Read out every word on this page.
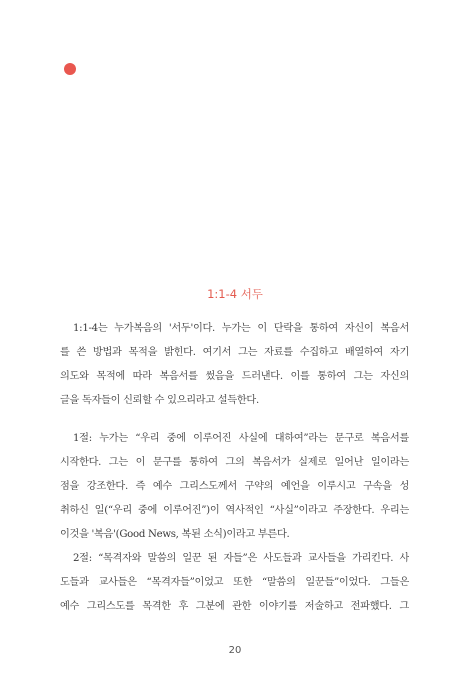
1:1-4 서두
1:1-4는 누가복음의 '서두'이다. 누가는 이 단락을 통하여 자신이 복음서
를 쓴 방법과 목적을 밝힌다. 여기서 그는 자료를 수집하고 배열하여 자기
의도와 목적에 따라 복음서를 썼음을 드러낸다. 이를 통하여 그는 자신의
글을 독자들이 신뢰할 수 있으리라고 설득한다.
1절: 누가는 “우리 중에 이루어진 사실에 대하여”라는 문구로 복음서를
시작한다. 그는 이 문구를 통하여 그의 복음서가 실제로 일어난 일이라는
점을 강조한다. 즉 예수 그리스도께서 구약의 예언을 이루시고 구속을 성
취하신 일(“우리 중에 이루어진”)이 역사적인 “사실”이라고 주장한다. 우리는
이것을 '복음'(Good News, 복된 소식)이라고 부른다.
2절: “목격자와 말씀의 일꾼 된 자들”은 사도들과 교사들을 가리킨다. 사
도들과 교사들은 “목격자들”이었고 또한 “말씀의 일꾼들”이었다. 그들은
예수 그리스도를 목격한 후 그분에 관한 이야기를 저술하고 전파했다. 그
20
